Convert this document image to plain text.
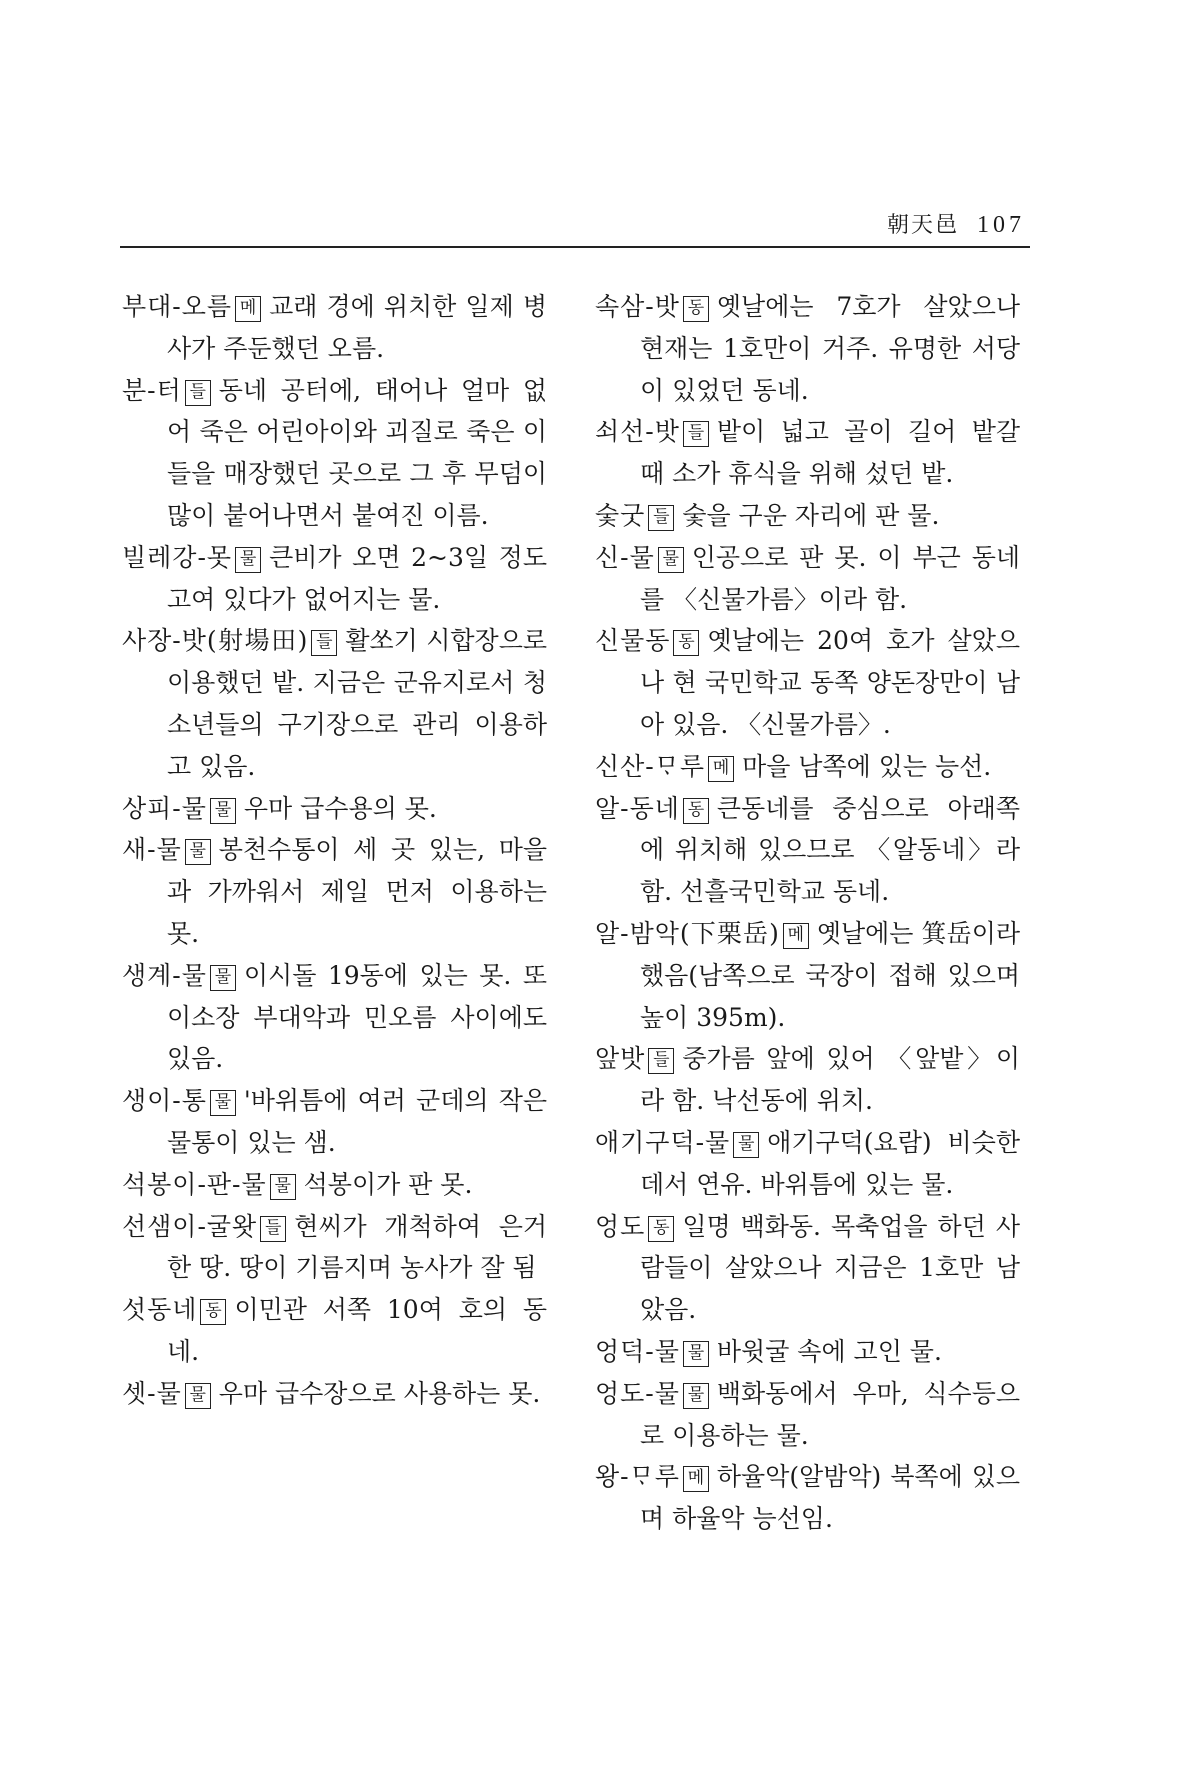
朝天邑 107

부대-오름 메 교래 경에 위치한 일제 병사가 주둔했던 오름.

분-터 들 동네 공터에, 태어나 얼마 없어 죽은 어린아이와 괴질로 죽은 이들을 매장했던 곳으로 그 후 무덤이 많이 붙어나면서 붙여진 이름.

빌레강-못 물 큰비가 오면 2~3일 정도 고여 있다가 없어지는 물.

사장-밧(射場田) 들 활쏘기 시합장으로 이용했던 밭. 지금은 군유지로서 청소년들의 구기장으로 관리 이용하고 있음.

상피-물 물 우마 급수용의 못.

새-물 물 봉천수통이 세 곳 있는, 마을과 가까워서 제일 먼저 이용하는 못.

생계-물 물 이시돌 19동에 있는 못. 또 이소장 부대악과 민오름 사이에도 있음.

생이-통 물 '바위틈에 여러 군데의 작은 물통이 있는 샘.

석봉이-판-물 물 석봉이가 판 못.

선샘이-굴왓 들 현씨가 개척하여 은거한 땅. 땅이 기름지며 농사가 잘 됨

섯동네 동 이민관 서쪽 10여 호의 동네.

셋-물 물 우마 급수장으로 사용하는 못.

속삼-밧 동 옛날에는 7호가 살았으나 현재는 1호만이 거주. 유명한 서당이 있었던 동네.

쇠선-밧 들 밭이 넓고 골이 길어 밭갈 때 소가 휴식을 위해 섰던 밭.

숯굿 들 숯을 구운 자리에 판 물.

신-물 물 인공으로 판 못. 이 부근 동네를 〈신물가름〉이라 함.

신물동 동 옛날에는 20여 호가 살았으나 현 국민학교 동쪽 양돈장만이 남아 있음. 〈신물가름〉.

신산-ᄆᆞ루 메 마을 남쪽에 있는 능선.

알-동네 동 큰동네를 중심으로 아래쪽에 위치해 있으므로 〈알동네〉라 함. 선흘국민학교 동네.

알-밤악(下栗岳) 메 옛날에는 箕岳이라 했음(남쪽으로 국장이 접해 있으며 높이 395m).

앞밧 들 중가름 앞에 있어 〈앞밭〉이라 함. 낙선동에 위치.

애기구덕-물 물 애기구덕(요람) 비슷한 데서 연유. 바위틈에 있는 물.

엉도 동 일명 백화동. 목축업을 하던 사람들이 살았으나 지금은 1호만 남았음.

엉덕-물 물 바윗굴 속에 고인 물.

엉도-물 물 백화동에서 우마, 식수등으로 이용하는 물.

왕-ᄆᆞ루 메 하율악(알밤악) 북쪽에 있으며 하율악 능선임.
